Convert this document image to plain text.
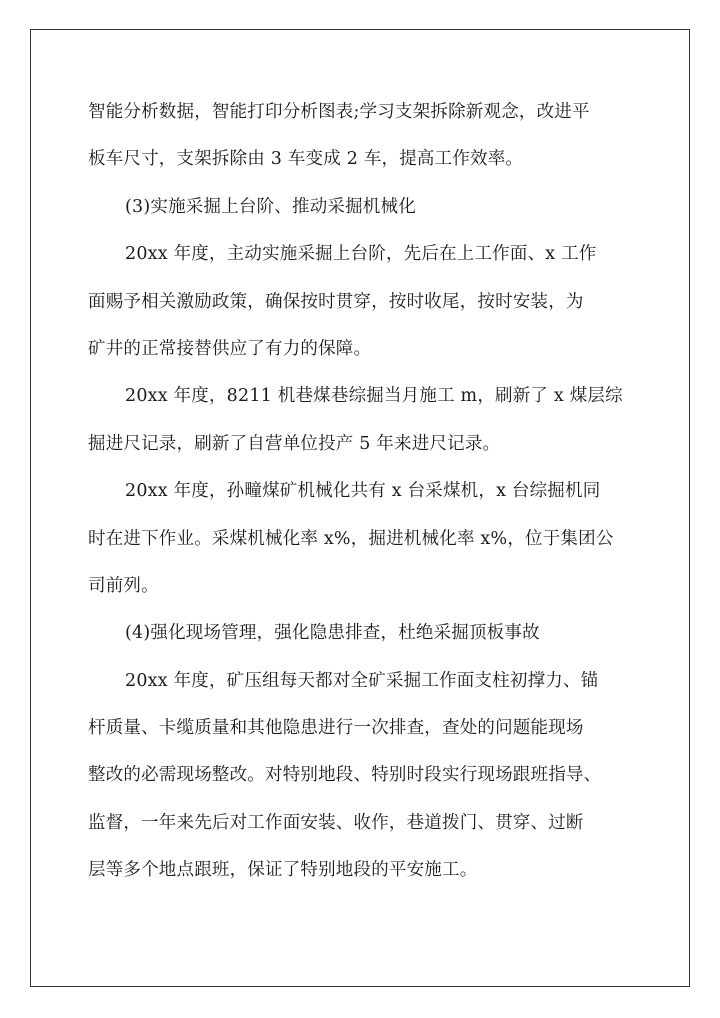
智能分析数据，智能打印分析图表;学习支架拆除新观念，改进平
板车尺寸，支架拆除由 3 车变成 2 车，提高工作效率。
(3)实施采掘上台阶、推动采掘机械化
20xx 年度，主动实施采掘上台阶，先后在上工作面、x 工作
面赐予相关激励政策，确保按时贯穿，按时收尾，按时安装，为
矿井的正常接替供应了有力的保障。
20xx 年度，8211 机巷煤巷综掘当月施工 m，刷新了 x 煤层综
掘进尺记录，刷新了自营单位投产 5 年来进尺记录。
20xx 年度，孙疃煤矿机械化共有 x 台采煤机，x 台综掘机同
时在进下作业。采煤机械化率 x%，掘进机械化率 x%，位于集团公
司前列。
(4)强化现场管理，强化隐患排查，杜绝采掘顶板事故
20xx 年度，矿压组每天都对全矿采掘工作面支柱初撑力、锚
杆质量、卡缆质量和其他隐患进行一次排查，查处的问题能现场
整改的必需现场整改。对特别地段、特别时段实行现场跟班指导、
监督，一年来先后对工作面安装、收作，巷道拨门、贯穿、过断
层等多个地点跟班，保证了特别地段的平安施工。
